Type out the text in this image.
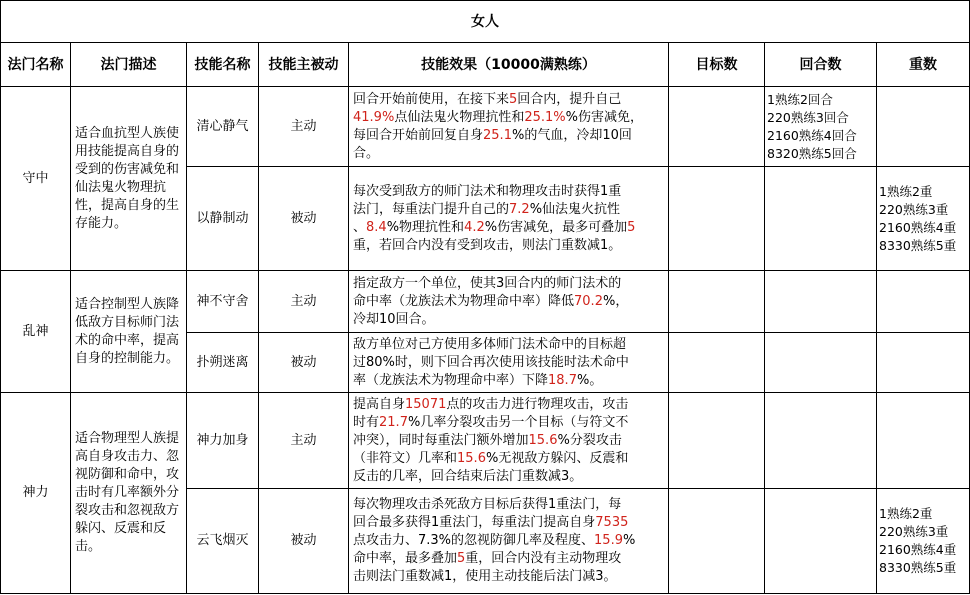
女人							
法门名称	法门描述	技能名称	技能主被动	技能效果（10000满熟练）	目标数	回合数	重数
守中	适合血抗型人族使用技能提高自身的受到的伤害减免和仙法鬼火物理抗性，提高自身的生存能力。	清心静气	主动	回合开始前使用，在接下来5回合内，提升自己
41.9%点仙法鬼火物理抗性和25.1%%伤害减免，
每回合开始前回复自身25.1%的气血，冷却10回
合。		1熟练2回合
220熟练3回合
2160熟练4回合
8320熟练5回合	

		以静制动	被动	每次受到敌方的师门法术和物理攻击时获得1重
法门，每重法门提升自己的7.2%仙法鬼火抗性
、8.4%物理抗性和4.2%伤害减免，最多可叠加5
重，若回合内没有受到攻击，则法门重数减1。			1熟练2重
220熟练3重
2160熟练4重
8330熟练5重

乱神	适合控制型人族降低敌方目标师门法术的命中率，提高自身的控制能力。	神不守舍	主动	指定敌方一个单位，使其3回合内的师门法术的
命中率（龙族法术为物理命中率）降低70.2%，
冷却10回合。			

		扑朔迷离	被动	敌方单位对己方使用多体师门法术命中的目标超
过80%时，则下回合再次使用该技能时法术命中
率（龙族法术为物理命中率）下降18.7%。			

神力	适合物理型人族提高自身攻击力、忽视防御和命中，攻击时有几率额外分裂攻击和忽视敌方躲闪、反震和反击。	神力加身	主动	提高自身15071点的攻击力进行物理攻击，攻击
时有21.7%几率分裂攻击另一个目标（与符文不
冲突），同时每重法门额外增加15.6%分裂攻击
（非符文）几率和15.6%无视敌方躲闪、反震和
反击的几率，回合结束后法门重数减3。			

		云飞烟灭	被动	每次物理攻击杀死敌方目标后获得1重法门，每
回合最多获得1重法门，每重法门提高自身7535
点攻击力、7.3%的忽视防御几率及程度、15.9%
命中率，最多叠加5重，回合内没有主动物理攻
击则法门重数减1，使用主动技能后法门减3。			1熟练2重
220熟练3重
2160熟练4重
8330熟练5重
